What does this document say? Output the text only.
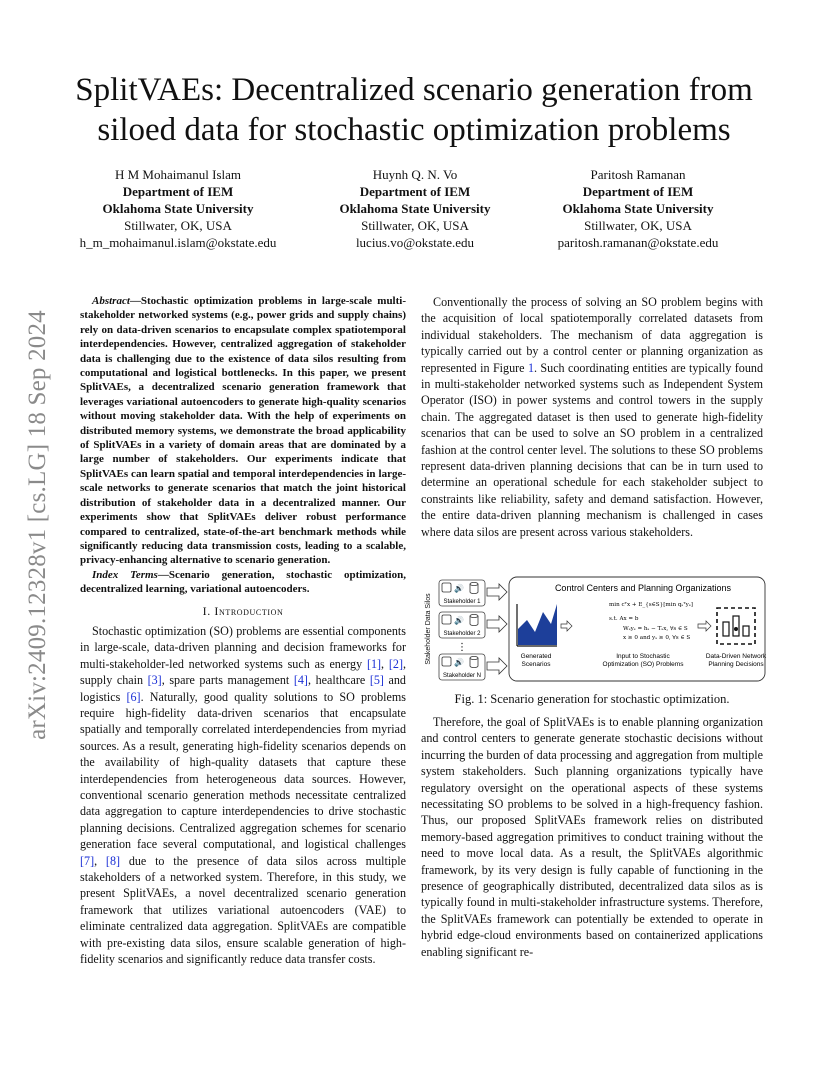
arXiv:2409.12328v1 [cs.LG] 18 Sep 2024
SplitVAEs: Decentralized scenario generation from
siloed data for stochastic optimization problems
H M Mohaimanul Islam
Department of IEM
Oklahoma State University
Stillwater, OK, USA
h_m_mohaimanul.islam@okstate.edu
Huynh Q. N. Vo
Department of IEM
Oklahoma State University
Stillwater, OK, USA
lucius.vo@okstate.edu
Paritosh Ramanan
Department of IEM
Oklahoma State University
Stillwater, OK, USA
paritosh.ramanan@okstate.edu

Abstract—Stochastic optimization problems in large-scale multi-stakeholder networked systems (e.g., power grids and supply chains) rely on data-driven scenarios to encapsulate complex spatiotemporal interdependencies. However, centralized aggregation of stakeholder data is challenging due to the existence of data silos resulting from computational and logistical bottlenecks. In this paper, we present SplitVAEs, a decentralized scenario generation framework that leverages variational autoencoders to generate high-quality scenarios without moving stakeholder data. With the help of experiments on distributed memory systems, we demonstrate the broad applicability of SplitVAEs in a variety of domain areas that are dominated by a large number of stakeholders. Our experiments indicate that SplitVAEs can learn spatial and temporal interdependencies in large-scale networks to generate scenarios that match the joint historical distribution of stakeholder data in a decentralized manner. Our experiments show that SplitVAEs deliver robust performance compared to centralized, state-of-the-art benchmark methods while significantly reducing data transmission costs, leading to a scalable, privacy-enhancing alternative to scenario generation.

Index Terms—Scenario generation, stochastic optimization, decentralized learning, variational autoencoders.

I. Introduction

Stochastic optimization (SO) problems are essential components in large-scale, data-driven planning and decision frameworks for multi-stakeholder-led networked systems such as energy [1], [2], supply chain [3], spare parts management [4], healthcare [5] and logistics [6]. Naturally, good quality solutions to SO problems require high-fidelity data-driven scenarios that encapsulate spatially and temporally correlated interdependencies from myriad sources. As a result, generating high-fidelity scenarios depends on the availability of high-quality datasets that capture these interdependencies from heterogeneous data sources. However, conventional scenario generation methods necessitate centralized data aggregation to capture interdependencies to drive stochastic planning decisions. Centralized aggregation schemes for scenario generation face several computational, and logistical challenges [7], [8] due to the presence of data silos across multiple stakeholders of a networked system. Therefore, in this study, we present SplitVAEs, a novel decentralized scenario generation framework that utilizes variational autoencoders (VAE) to eliminate centralized data aggregation. SplitVAEs are compatible with pre-existing data silos, ensure scalable generation of high-fidelity scenarios and significantly reduce data transfer costs.

Conventionally the process of solving an SO problem begins with the acquisition of local spatiotemporally correlated datasets from individual stakeholders. The mechanism of data aggregation is typically carried out by a control center or planning organization as represented in Figure 1. Such coordinating entities are typically found in multi-stakeholder networked systems such as Independent System Operator (ISO) in power systems and control towers in the supply chain. The aggregated dataset is then used to generate high-fidelity scenarios that can be used to solve an SO problem in a centralized fashion at the control center level. The solutions to these SO problems represent data-driven planning decisions that can be in turn used to determine an operational schedule for each stakeholder subject to constraints like reliability, safety and demand satisfaction. However, the entire data-driven planning mechanism is challenged in cases where data silos are present across various stakeholders.

Stakeholder Data Silos
🔊
Stakeholder 1
🔊
Stakeholder 2
⋮
🔊
Stakeholder N
Control Centers and Planning Organizations
Generated
Scenarios
min cᵀx + E_{s∈S}[min qₛᵀyₛ]
s.t. Ax = b
Wₛyₛ = hₛ − Tₛx, ∀s ∈ S
x ≥ 0 and yₛ ≥ 0, ∀s ∈ S
Input to Stochastic
Optimization (SO) Problems
Data-Driven Network
Planning Decisions
Fig. 1: Scenario generation for stochastic optimization.

Therefore, the goal of SplitVAEs is to enable planning organization and control centers to generate generate stochastic decisions without incurring the burden of data processing and aggregation from multiple system stakeholders. Such planning organizations typically have regulatory oversight on the operational aspects of these systems necessitating SO problems to be solved in a high-frequency fashion. Thus, our proposed SplitVAEs framework relies on distributed memory-based aggregation primitives to conduct training without the need to move local data. As a result, the SplitVAEs algorithmic framework, by its very design is fully capable of functioning in the presence of geographically distributed, decentralized data silos as is typically found in multi-stakeholder infrastructure systems. Therefore, the SplitVAEs framework can potentially be extended to operate in hybrid edge-cloud environments based on containerized applications enabling significant re-
